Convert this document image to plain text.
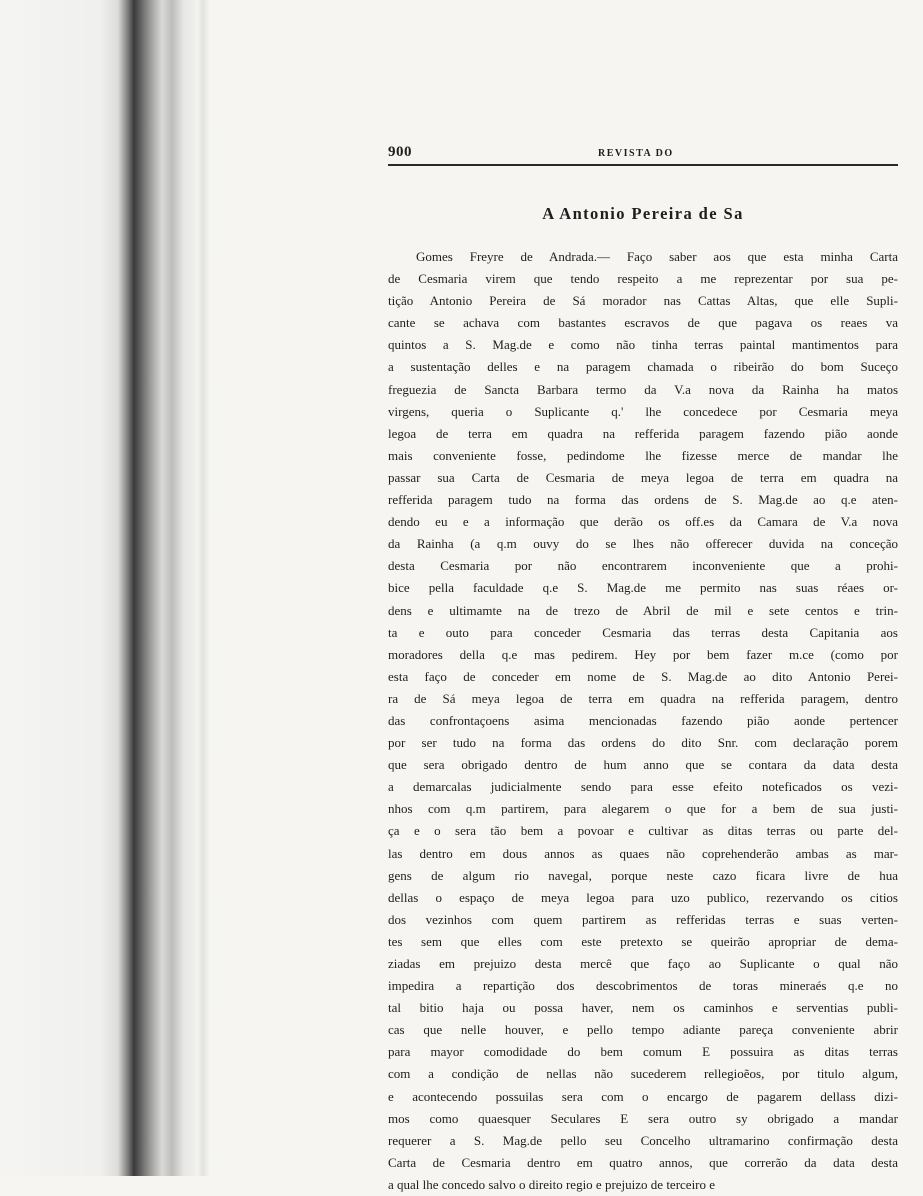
900	REVISTA DO
A Antonio Pereira de Sa
Gomes Freyre de Andrada.— Faço saber aos que esta minha Carta
de Cesmaria virem que tendo respeito a me reprezentar por sua pe-
tição Antonio Pereira de Sá morador nas Cattas Altas, que elle Supli-
cante se achava com bastantes escravos de que pagava os reaes va
quintos a S. Mag.de e como não tinha terras paintal mantimentos para
a sustentação delles e na paragem chamada o ribeirão do bom Suceço
freguezia de Sancta Barbara termo da V.a nova da Rainha ha matos
virgens, queria o Suplicante q.' lhe concedece por Cesmaria meya
legoa de terra em quadra na refferida paragem fazendo pião aonde
mais conveniente fosse, pedindome lhe fizesse merce de mandar lhe
passar sua Carta de Cesmaria de meya legoa de terra em quadra na
refferida paragem tudo na forma das ordens de S. Mag.de ao q.e aten-
dendo eu e a informação que derão os off.es da Camara de V.a nova
da Rainha (a q.m ouvy do se lhes não offerecer duvida na conceção
desta Cesmaria por não encontrarem inconveniente que a prohi-
bice pella faculdade q.e S. Mag.de me permito nas suas réaes or-
dens e ultimamte na de trezo de Abril de mil e sete centos e trin-
ta e outo para conceder Cesmaria das terras desta Capitania aos
moradores della q.e mas pedirem. Hey por bem fazer m.ce (como por
esta faço de conceder em nome de S. Mag.de ao dito Antonio Perei-
ra de Sá meya legoa de terra em quadra na refferida paragem, dentro
das confrontaçoens asima mencionadas fazendo pião aonde pertencer
por ser tudo na forma das ordens do dito Snr. com declaração porem
que sera obrigado dentro de hum anno que se contara da data desta
a demarcalas judicialmente sendo para esse efeito noteficados os vezi-
nhos com q.m partirem, para alegarem o que for a bem de sua justi-
ça e o sera tão bem a povoar e cultivar as ditas terras ou parte del-
las dentro em dous annos as quaes não coprehenderão ambas as mar-
gens de algum rio navegal, porque neste cazo ficara livre de hua
dellas o espaço de meya legoa para uzo publico, rezervando os citios
dos vezinhos com quem partirem as refferidas terras e suas verten-
tes sem que elles com este pretexto se queirão apropriar de dema-
ziadas em prejuizo desta mercê que faço ao Suplicante o qual não
impedira a repartição dos descobrimentos de toras mineraés q.e no
tal bitio haja ou possa haver, nem os caminhos e serventias publi-
cas que nelle houver, e pello tempo adiante pareça conveniente abrir
para mayor comodidade do bem comum E possuira as ditas terras
com a condição de nellas não sucederem rellegioẽos, por titulo algum,
e acontecendo possuilas sera com o encargo de pagarem dellass dizi-
mos como quaesquer Seculares E sera outro sy obrigado a mandar
requerer a S. Mag.de pello seu Concelho ultramarino confirmação desta
Carta de Cesmaria dentro em quatro annos, que correrão da data desta
a qual lhe concedo salvo o direito regio e prejuizo de terceiro e
